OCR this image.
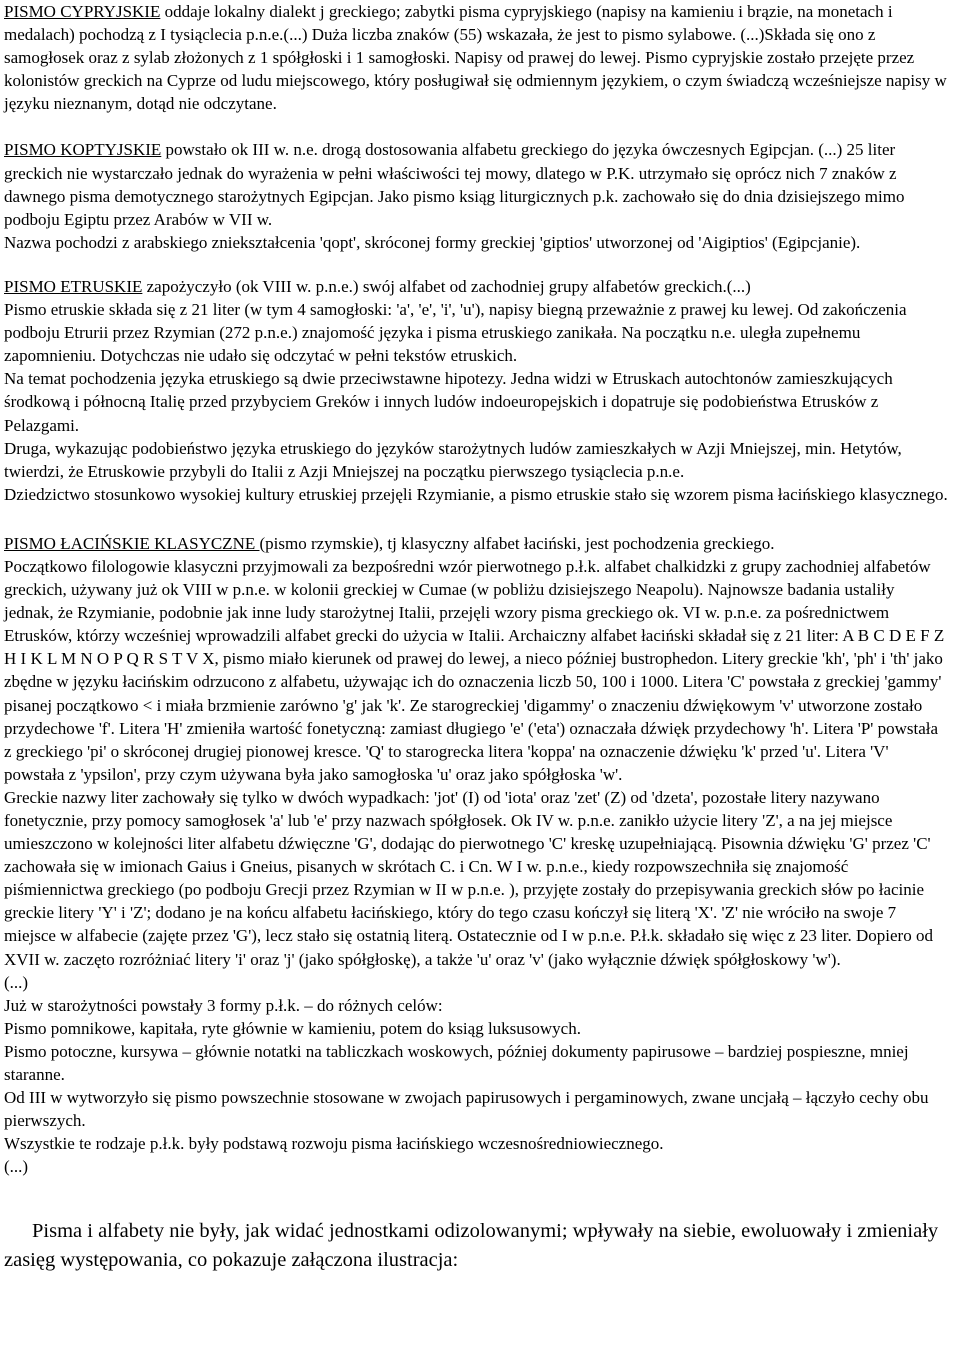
PISMO CYPRYJSKIE oddaje lokalny dialekt j greckiego; zabytki pisma cypryjskiego (napisy na kamieniu i brązie, na monetach i medalach) pochodzą z I tysiąclecia p.n.e.(...) Duża liczba znaków (55) wskazała, że jest to pismo sylabowe. (...)Składa się ono z samogłosek oraz z sylab złożonych z 1 spółgłoski i 1 samogłoski. Napisy od prawej do lewej. Pismo cypryjskie zostało przejęte przez kolonistów greckich na Cyprze od ludu miejscowego, który posługiwał się odmiennym językiem, o czym świadczą wcześniejsze napisy w języku nieznanym, dotąd nie odczytane.

PISMO KOPTYJSKIE powstało ok III w. n.e. drogą dostosowania alfabetu greckiego do języka ówczesnych Egipcjan. (...) 25 liter greckich nie wystarczało jednak do wyrażenia w pełni właściwości tej mowy, dlatego w P.K. utrzymało się oprócz nich 7 znaków z dawnego pisma demotycznego starożytnych Egipcjan. Jako pismo ksiąg liturgicznych p.k. zachowało się do dnia dzisiejszego mimo podboju Egiptu przez Arabów w VII w.

Nazwa pochodzi z arabskiego zniekształcenia 'qopt', skróconej formy greckiej 'giptios' utworzonej od 'Aigiptios' (Egipcjanie).

PISMO ETRUSKIE zapożyczyło (ok VIII w. p.n.e.) swój alfabet od zachodniej grupy alfabetów greckich.(...)

Pismo etruskie składa się z 21 liter (w tym 4 samogłoski: 'a', 'e', 'i', 'u'), napisy biegną przeważnie z prawej ku lewej. Od zakończenia podboju Etrurii przez Rzymian (272 p.n.e.) znajomość języka i pisma etruskiego zanikała. Na początku n.e. uległa zupełnemu zapomnieniu. Dotychczas nie udało się odczytać w pełni tekstów etruskich.

Na temat pochodzenia języka etruskiego są dwie przeciwstawne hipotezy. Jedna widzi w Etruskach autochtonów zamieszkujących środkową i północną Italię przed przybyciem Greków i innych ludów indoeuropejskich i dopatruje się podobieństwa Etrusków z Pelazgami.

Druga, wykazując podobieństwo języka etruskiego do języków starożytnych ludów zamieszkałych w Azji Mniejszej, min. Hetytów, twierdzi, że Etruskowie przybyli do Italii z Azji Mniejszej na początku pierwszego tysiąclecia p.n.e.

Dziedzictwo stosunkowo wysokiej kultury etruskiej przejęli Rzymianie, a pismo etruskie stało się wzorem pisma łacińskiego klasycznego.

PISMO ŁACIŃSKIE KLASYCZNE (pismo rzymskie), tj klasyczny alfabet łaciński, jest pochodzenia greckiego.

Początkowo filologowie klasyczni przyjmowali za bezpośredni wzór pierwotnego p.ł.k. alfabet chalkidzki z grupy zachodniej alfabetów greckich, używany już ok VIII w p.n.e. w kolonii greckiej w Cumae (w pobliżu dzisiejszego Neapolu). Najnowsze badania ustaliły jednak, że Rzymianie, podobnie jak inne ludy starożytnej Italii, przejęli wzory pisma greckiego ok. VI w. p.n.e. za pośrednictwem Etrusków, którzy wcześniej wprowadzili alfabet grecki do użycia w Italii. Archaiczny alfabet łaciński składał się z 21 liter: A B C D E F Z H I K L M N O P Q R S T V X, pismo miało kierunek od prawej do lewej, a nieco później bustrophedon. Litery greckie 'kh', 'ph' i 'th' jako zbędne w języku łacińskim odrzucono z alfabetu, używając ich do oznaczenia liczb 50, 100 i 1000. Litera 'C' powstała z greckiej 'gammy' pisanej początkowo < i miała brzmienie zarówno 'g' jak 'k'. Ze starogreckiej 'digammy' o znaczeniu dźwiękowym 'v' utworzone zostało przydechowe 'f'. Litera 'H' zmieniła wartość fonetyczną: zamiast długiego 'e' ('eta') oznaczała dźwięk przydechowy 'h'. Litera 'P' powstała z greckiego 'pi' o skróconej drugiej pionowej kresce. 'Q' to starogrecka litera 'koppa' na oznaczenie dźwięku 'k' przed 'u'. Litera 'V' powstała z 'ypsilon', przy czym używana była jako samogłoska 'u' oraz jako spółgłoska 'w'.

Greckie nazwy liter zachowały się tylko w dwóch wypadkach: 'jot' (I) od 'iota' oraz 'zet' (Z) od 'dzeta', pozostałe litery nazywano fonetycznie, przy pomocy samogłosek 'a' lub 'e' przy nazwach spółgłosek. Ok IV w. p.n.e. zanikło użycie litery 'Z', a na jej miejsce umieszczono w kolejności liter alfabetu dźwięczne 'G', dodając do pierwotnego 'C' kreskę uzupełniającą. Pisownia dźwięku 'G' przez 'C' zachowała się w imionach Gaius i Gneius, pisanych w skrótach C. i Cn. W I w. p.n.e., kiedy rozpowszechniła się znajomość piśmiennictwa greckiego (po podboju Grecji przez Rzymian w II w p.n.e. ), przyjęte zostały do przepisywania greckich słów po łacinie greckie litery 'Y' i 'Z'; dodano je na końcu alfabetu łacińskiego, który do tego czasu kończył się literą 'X'. 'Z' nie wróciło na swoje 7 miejsce w alfabecie (zajęte przez 'G'), lecz stało się ostatnią literą. Ostatecznie od I w p.n.e. P.ł.k. składało się więc z 23 liter. Dopiero od XVII w. zaczęto rozróżniać litery 'i' oraz 'j' (jako spółgłoskę), a także 'u' oraz 'v' (jako wyłącznie dźwięk spółgłoskowy 'w').

(...)

Już w starożytności powstały 3 formy p.ł.k. – do różnych celów:

Pismo pomnikowe, kapitała, ryte głównie w kamieniu, potem do ksiąg luksusowych.

Pismo potoczne, kursywa – głównie notatki na tabliczkach woskowych, później dokumenty papirusowe – bardziej pospieszne, mniej staranne.

Od III w wytworzyło się pismo powszechnie stosowane w zwojach papirusowych i pergaminowych, zwane uncjałą – łączyło cechy obu pierwszych.

Wszystkie te rodzaje p.ł.k. były podstawą rozwoju pisma łacińskiego wczesnośredniowiecznego.

(...)

Pisma i alfabety nie były, jak widać jednostkami odizolowanymi; wpływały na siebie, ewoluowały i zmieniały zasięg występowania, co pokazuje załączona ilustracja:
